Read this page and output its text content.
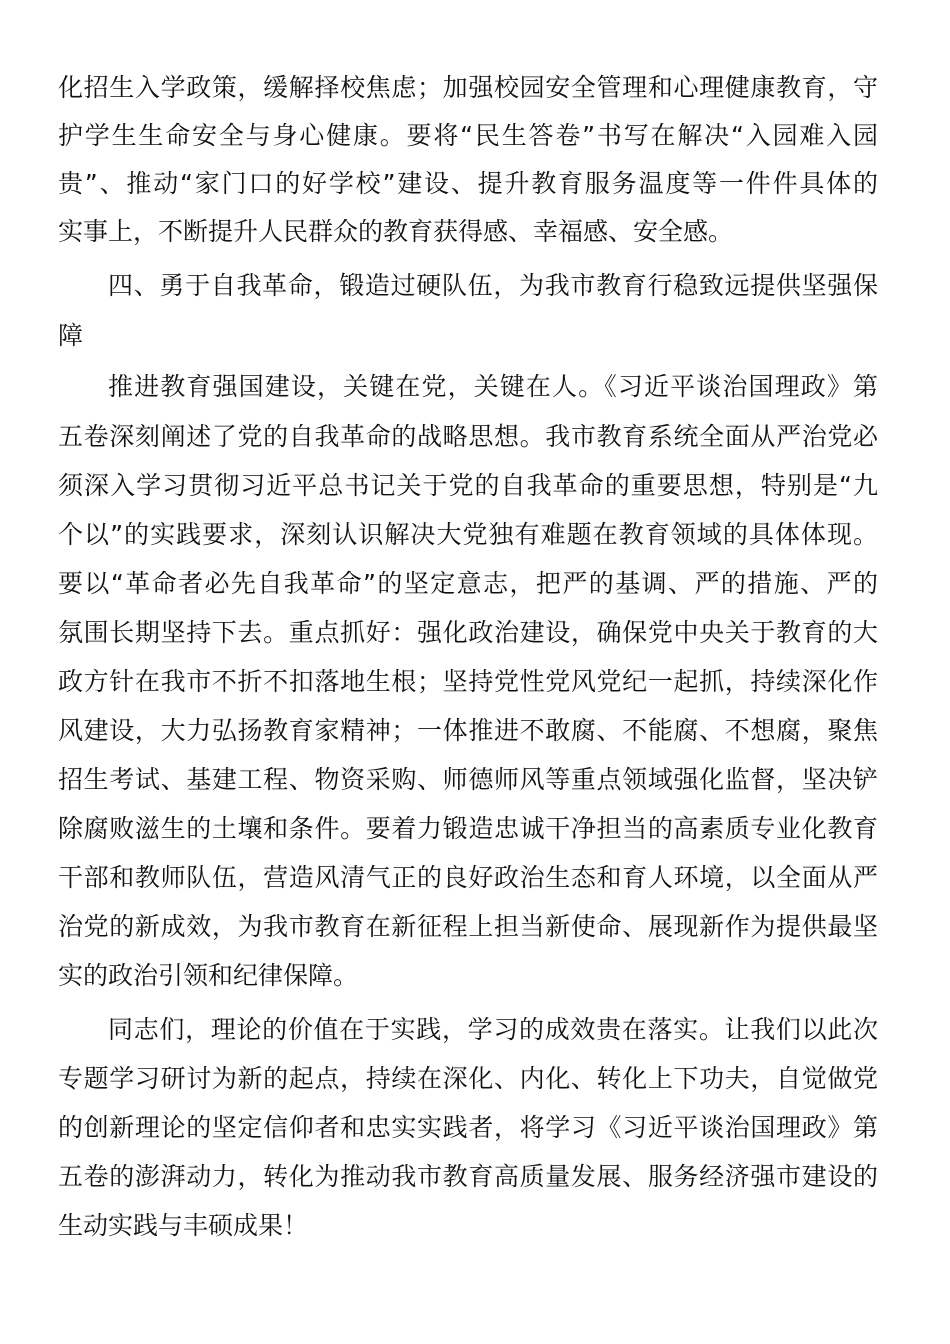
化招生入学政策，缓解择校焦虑；加强校园安全管理和心理健康教育，守
护学生生命安全与身心健康。要将“民生答卷”书写在解决“入园难入园
贵”、推动“家门口的好学校”建设、提升教育服务温度等一件件具体的
实事上，不断提升人民群众的教育获得感、幸福感、安全感。
四、勇于自我革命，锻造过硬队伍，为我市教育行稳致远提供坚强保
障
推进教育强国建设，关键在党，关键在人。《习近平谈治国理政》第
五卷深刻阐述了党的自我革命的战略思想。我市教育系统全面从严治党必
须深入学习贯彻习近平总书记关于党的自我革命的重要思想，特别是“九
个以”的实践要求，深刻认识解决大党独有难题在教育领域的具体体现。
要以“革命者必先自我革命”的坚定意志，把严的基调、严的措施、严的
氛围长期坚持下去。重点抓好：强化政治建设，确保党中央关于教育的大
政方针在我市不折不扣落地生根；坚持党性党风党纪一起抓，持续深化作
风建设，大力弘扬教育家精神；一体推进不敢腐、不能腐、不想腐，聚焦
招生考试、基建工程、物资采购、师德师风等重点领域强化监督，坚决铲
除腐败滋生的土壤和条件。要着力锻造忠诚干净担当的高素质专业化教育
干部和教师队伍，营造风清气正的良好政治生态和育人环境，以全面从严
治党的新成效，为我市教育在新征程上担当新使命、展现新作为提供最坚
实的政治引领和纪律保障。
同志们，理论的价值在于实践，学习的成效贵在落实。让我们以此次
专题学习研讨为新的起点，持续在深化、内化、转化上下功夫，自觉做党
的创新理论的坚定信仰者和忠实实践者，将学习《习近平谈治国理政》第
五卷的澎湃动力，转化为推动我市教育高质量发展、服务经济强市建设的
生动实践与丰硕成果！
